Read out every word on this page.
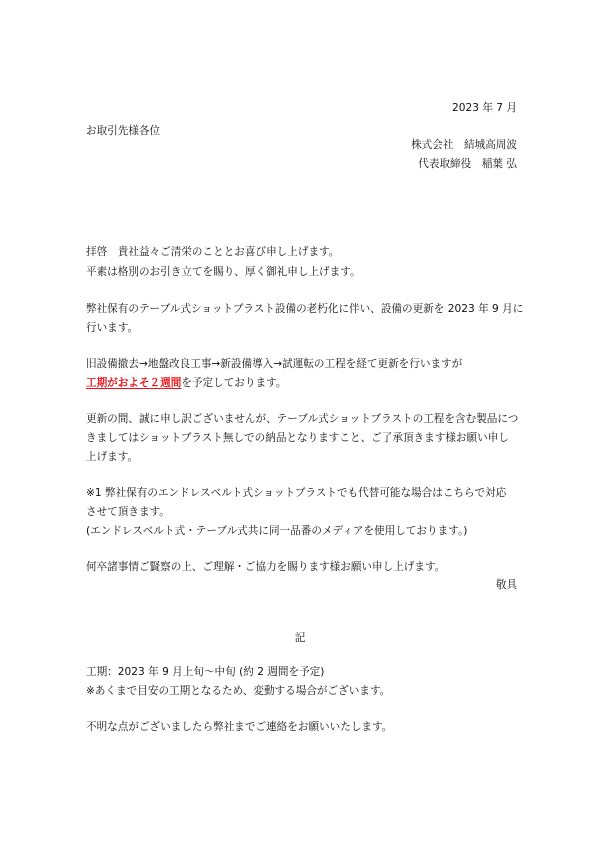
2023 年 7 月

お取引先様各位

株式会社　結城高周波

代表取締役　稲葉 弘

拝啓　貴社益々ご清栄のこととお喜び申し上げます。

平素は格別のお引き立てを賜り、厚く御礼申し上げます。

弊社保有のテーブル式ショットブラスト設備の老朽化に伴い、設備の更新を 2023 年 9 月に

行います。

旧設備撤去→地盤改良工事→新設備導入→試運転の工程を経て更新を行いますが

工期がおよそ２週間を予定しております。

更新の間、誠に申し訳ございませんが、テーブル式ショットブラストの工程を含む製品につ

きましてはショットブラスト無しでの納品となりますこと、ご了承頂きます様お願い申し

上げます。

※1 弊社保有のエンドレスベルト式ショットブラストでも代替可能な場合はこちらで対応

させて頂きます。

(エンドレスベルト式・テーブル式共に同一品番のメディアを使用しております。)

何卒諸事情ご賢察の上、ご理解・ご協力を賜ります様お願い申し上げます。

敬具

記

工期：2023 年 9 月上旬～中旬 (約 2 週間を予定)

※あくまで目安の工期となるため、変動する場合がございます。

不明な点がございましたら弊社までご連絡をお願いいたします。
